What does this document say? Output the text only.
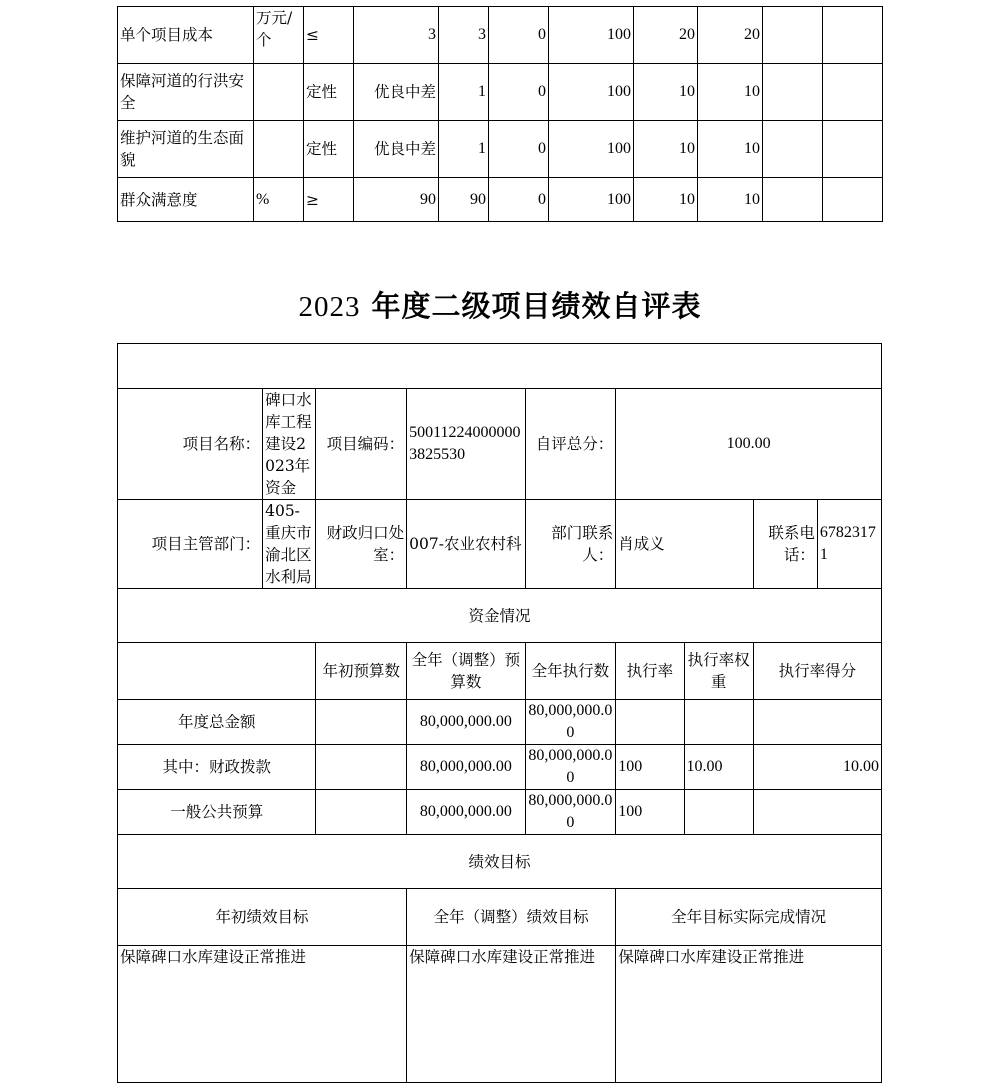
单个项目成本	万元/个	≤	3	3	0	100	20	20		
保障河道的行洪安全		定性	优良中差	1	0	100	10	10		
维护河道的生态面貌		定性	优良中差	1	0	100	10	10		
群众满意度	%	≥	90	90	0	100	10	10		
2023 年度二级项目绩效自评表

项目名称：	碑口水库工程建设2023年资金	项目编码：	500112240000003825530	自评总分：	100.00			
项目主管部门：	405-重庆市渝北区水利局	财政归口处室：	007-农业农村科	部门联系人：	肖成义		联系电话：	67823171
资金情况								
		年初预算数	全年（调整）预算数	全年执行数	执行率	执行率权重	执行率得分	
年度总金额			80,000,000.00	80,000,000.00				
其中：财政拨款			80,000,000.00	80,000,000.00	100	10.00	10.00	
一般公共预算			80,000,000.00	80,000,000.00	100			
绩效目标								
年初绩效目标			全年（调整）绩效目标		全年目标实际完成情况			
保障碑口水库建设正常推进			保障碑口水库建设正常推进		保障碑口水库建设正常推进			
